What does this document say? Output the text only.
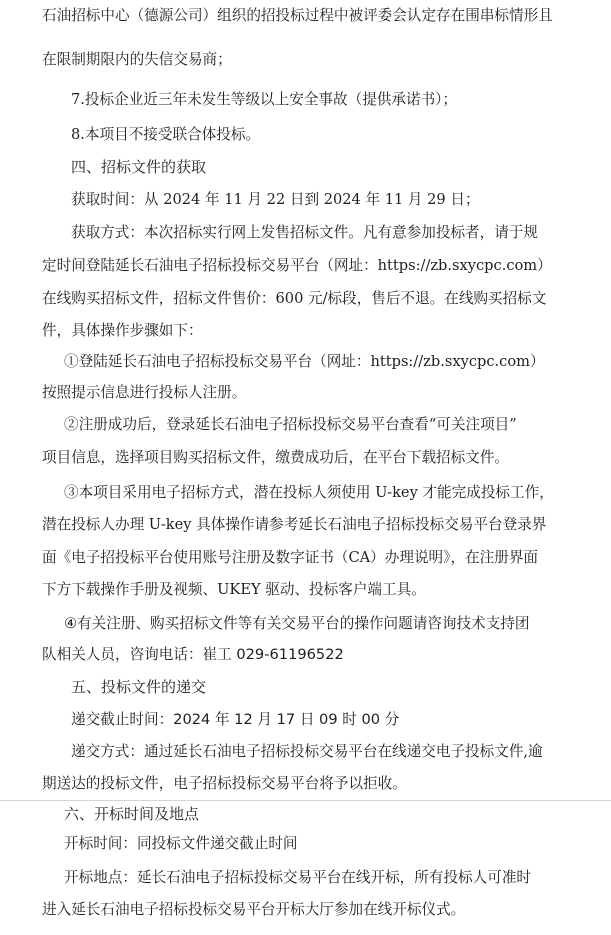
石油招标中心（德源公司）组织的招投标过程中被评委会认定存在围串标情形且
在限制期限内的失信交易商；
7.投标企业近三年未发生等级以上安全事故（提供承诺书）；
8.本项目不接受联合体投标。
四、招标文件的获取
获取时间：从 2024 年 11 月 22 日到 2024 年 11 月 29 日；
获取方式：本次招标实行网上发售招标文件。凡有意参加投标者，请于规
定时间登陆延长石油电子招标投标交易平台（网址：https://zb.sxycpc.com）
在线购买招标文件，招标文件售价：600 元/标段，售后不退。在线购买招标文
件，具体操作步骤如下：
①登陆延长石油电子招标投标交易平台（网址：https://zb.sxycpc.com）
按照提示信息进行投标人注册。
②注册成功后，登录延长石油电子招标投标交易平台查看“可关注项目”
项目信息，选择项目购买招标文件，缴费成功后，在平台下载招标文件。
③本项目采用电子招标方式，潜在投标人须使用 U-key 才能完成投标工作，
潜在投标人办理 U-key 具体操作请参考延长石油电子招标投标交易平台登录界
面《电子招投标平台使用账号注册及数字证书（CA）办理说明》，在注册界面
下方下载操作手册及视频、UKEY 驱动、投标客户端工具。
④有关注册、购买招标文件等有关交易平台的操作问题请咨询技术支持团
队相关人员，咨询电话：崔工 029-61196522
五、投标文件的递交
递交截止时间：2024 年 12 月 17 日 09 时 00 分
递交方式：通过延长石油电子招标投标交易平台在线递交电子投标文件,逾
期送达的投标文件，电子招标投标交易平台将予以拒收。
六、开标时间及地点
开标时间：同投标文件递交截止时间
开标地点：延长石油电子招标投标交易平台在线开标，所有投标人可准时
进入延长石油电子招标投标交易平台开标大厅参加在线开标仪式。
